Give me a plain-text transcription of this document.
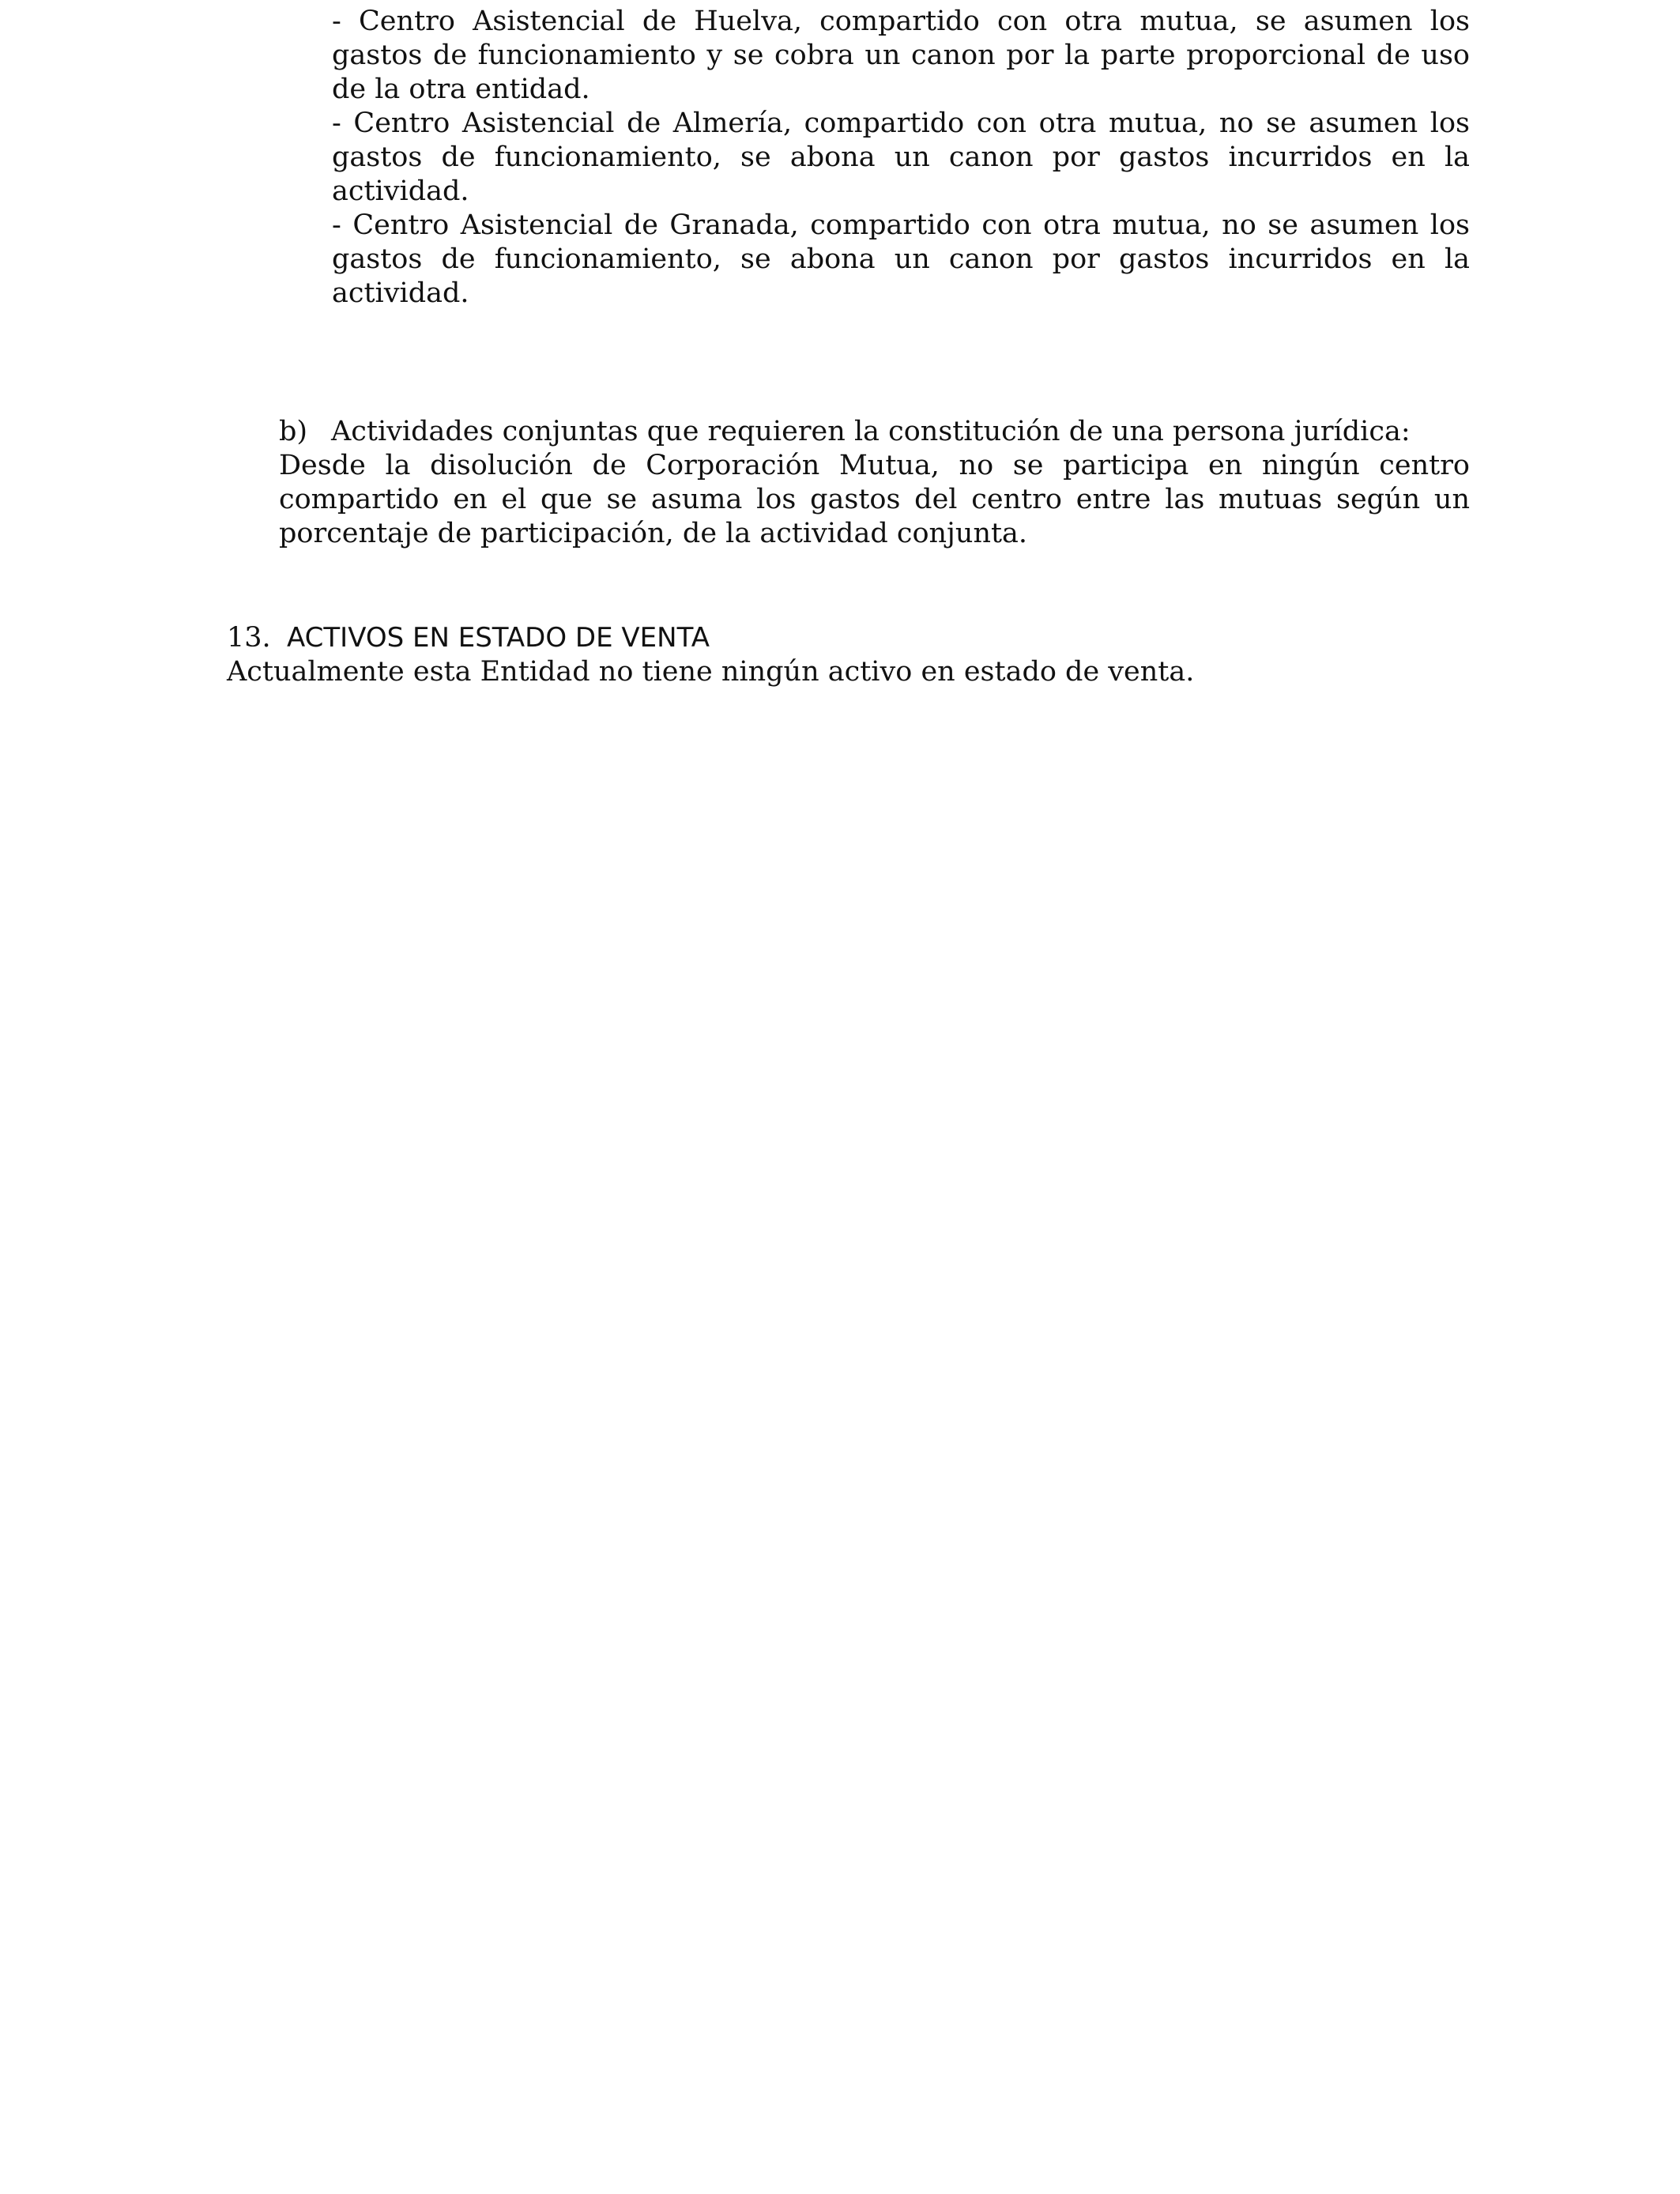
- Centro Asistencial de Huelva, compartido con otra mutua, se asumen los gastos de funcionamiento y se cobra un canon por la parte proporcional de uso de la otra entidad.

- Centro Asistencial de Almería, compartido con otra mutua, no se asumen los gastos de funcionamiento, se abona un canon por gastos incurridos en la actividad.

- Centro Asistencial de Granada, compartido con otra mutua, no se asumen los gastos de funcionamiento, se abona un canon por gastos incurridos en la actividad.

b) Actividades conjuntas que requieren la constitución de una persona jurídica:

Desde la disolución de Corporación Mutua, no se participa en ningún centro compartido en el que se asuma los gastos del centro entre las mutuas según un porcentaje de participación, de la actividad conjunta.

13. ACTIVOS EN ESTADO DE VENTA

Actualmente esta Entidad no tiene ningún activo en estado de venta.
